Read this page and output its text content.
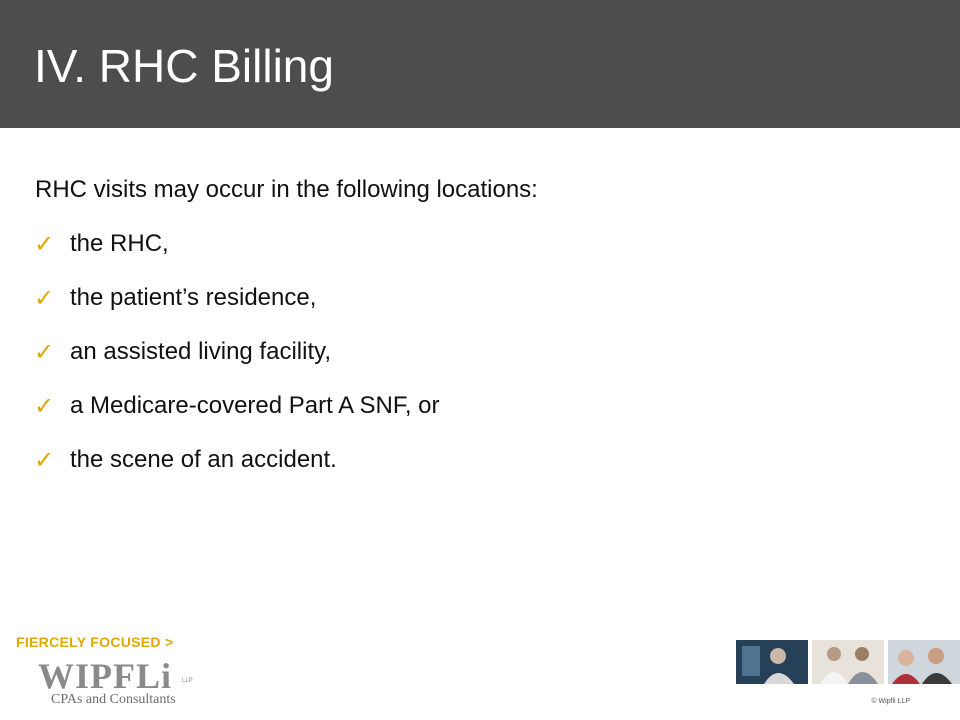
IV. RHC Billing
RHC visits may occur in the following locations:
✓ the RHC,
✓ the patient’s residence,
✓ an assisted living facility,
✓ a Medicare-covered Part A SNF, or
✓ the scene of an accident.
FIERCELY FOCUSED >
WIPFLi LLP
CPAs and Consultants	© Wipfli LLP
